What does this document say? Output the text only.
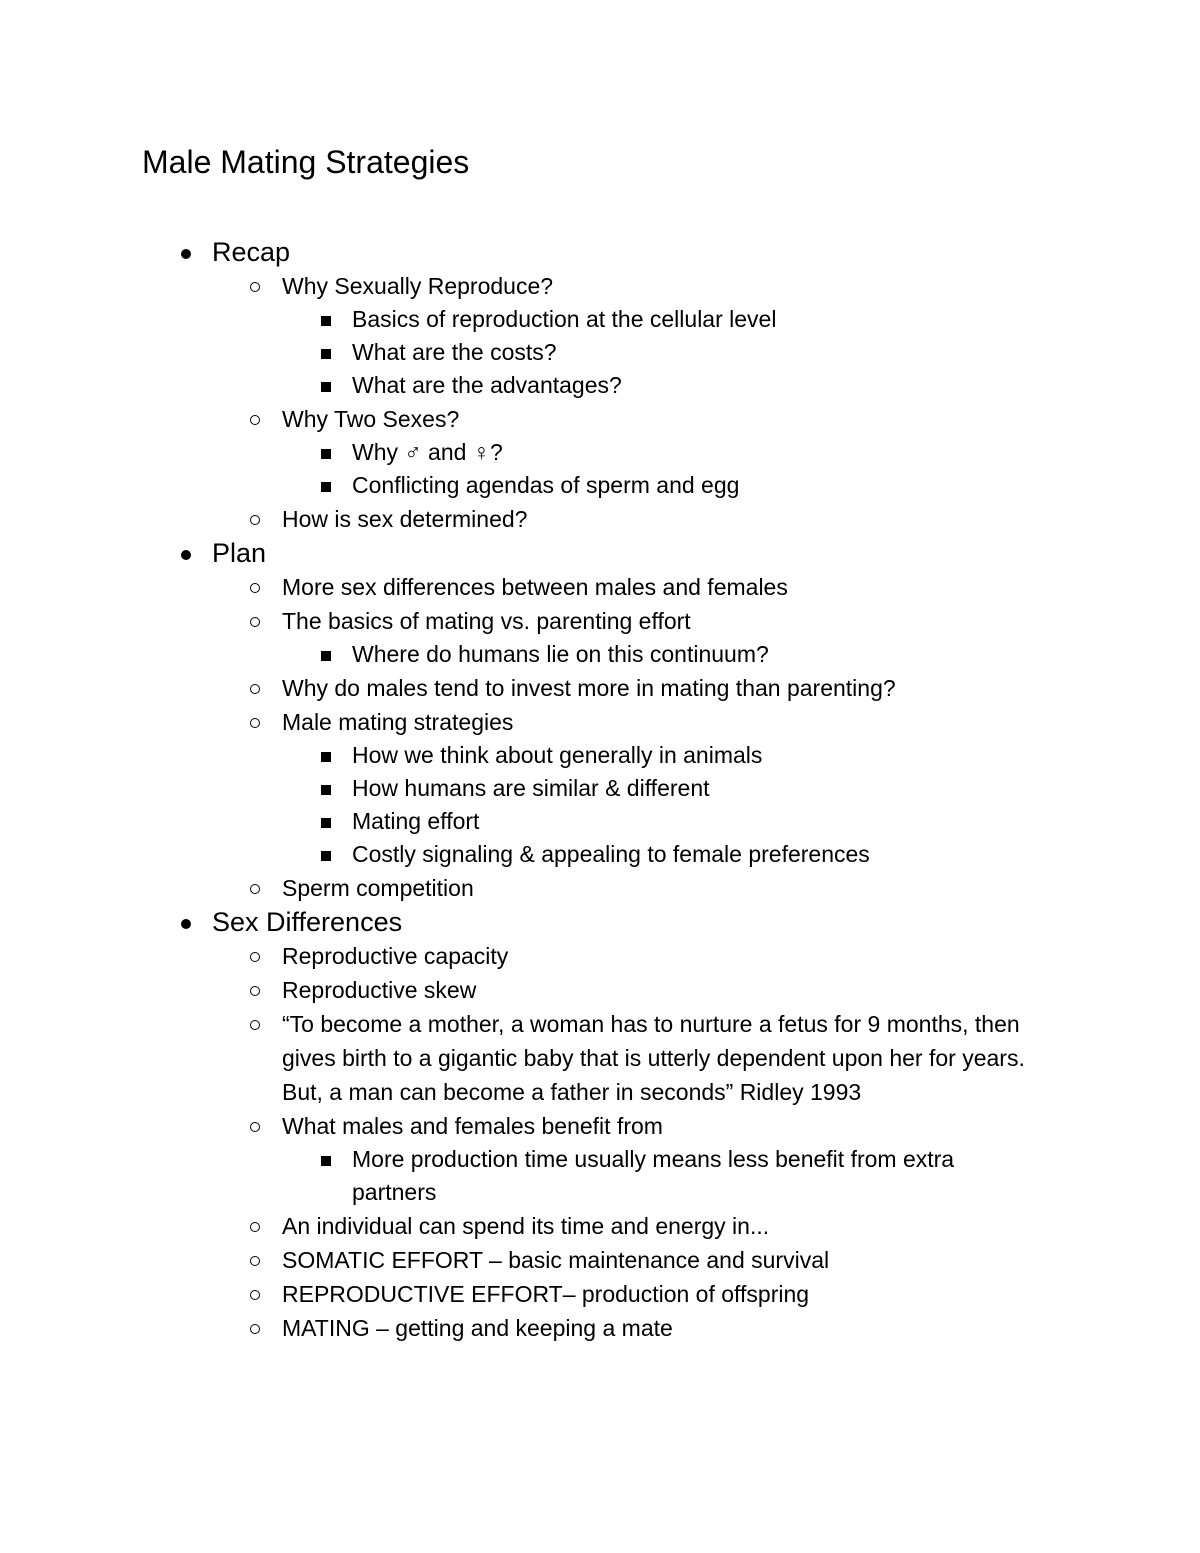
Male Mating Strategies
Recap
Why Sexually Reproduce?
Basics of reproduction at the cellular level
What are the costs?
What are the advantages?
Why Two Sexes?
Why ♂ and ♀?
Conflicting agendas of sperm and egg
How is sex determined?
Plan
More sex differences between males and females
The basics of mating vs. parenting effort
Where do humans lie on this continuum?
Why do males tend to invest more in mating than parenting?
Male mating strategies
How we think about generally in animals
How humans are similar & different
Mating effort
Costly signaling & appealing to female preferences
Sperm competition
Sex Differences
Reproductive capacity
Reproductive skew
“To become a mother, a woman has to nurture a fetus for 9 months, then gives birth to a gigantic baby that is utterly dependent upon her for years. But, a man can become a father in seconds” Ridley 1993
What males and females benefit from
More production time usually means less benefit from extra partners
An individual can spend its time and energy in...
SOMATIC EFFORT – basic maintenance and survival
REPRODUCTIVE EFFORT– production of offspring
MATING – getting and keeping a mate
